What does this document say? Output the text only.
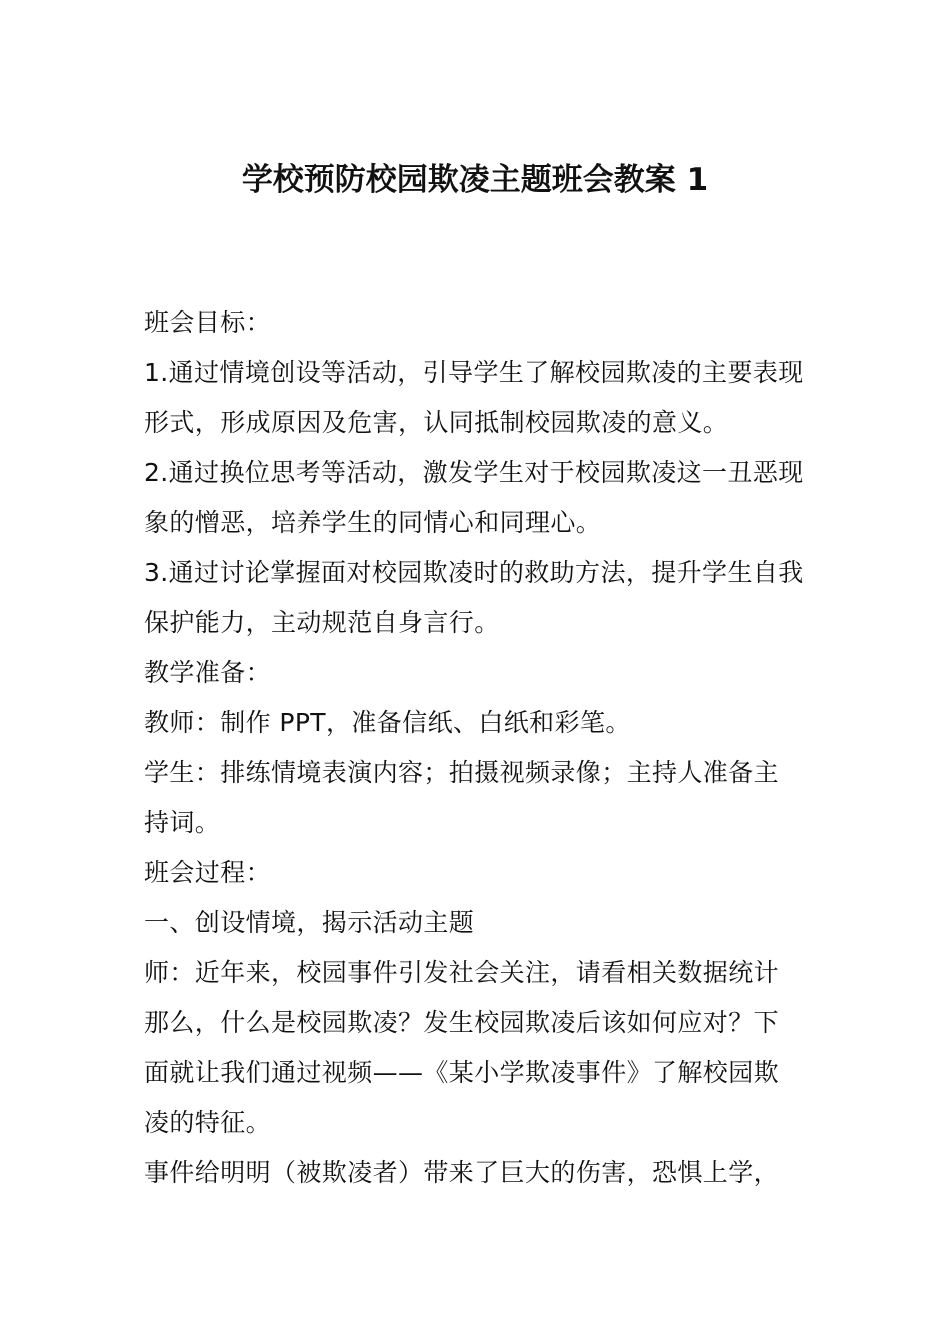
学校预防校园欺凌主题班会教案 1
班会目标：
1.通过情境创设等活动，引导学生了解校园欺凌的主要表现
形式，形成原因及危害，认同抵制校园欺凌的意义。
2.通过换位思考等活动，激发学生对于校园欺凌这一丑恶现
象的憎恶，培养学生的同情心和同理心。
3.通过讨论掌握面对校园欺凌时的救助方法，提升学生自我
保护能力，主动规范自身言行。
教学准备：
教师：制作 PPT，准备信纸、白纸和彩笔。
学生：排练情境表演内容；拍摄视频录像；主持人准备主
持词。
班会过程：
一、创设情境，揭示活动主题
师：近年来，校园事件引发社会关注，请看相关数据统计
那么，什么是校园欺凌？发生校园欺凌后该如何应对？下
面就让我们通过视频——《某小学欺凌事件》了解校园欺
凌的特征。
事件给明明（被欺凌者）带来了巨大的伤害，恐惧上学，
